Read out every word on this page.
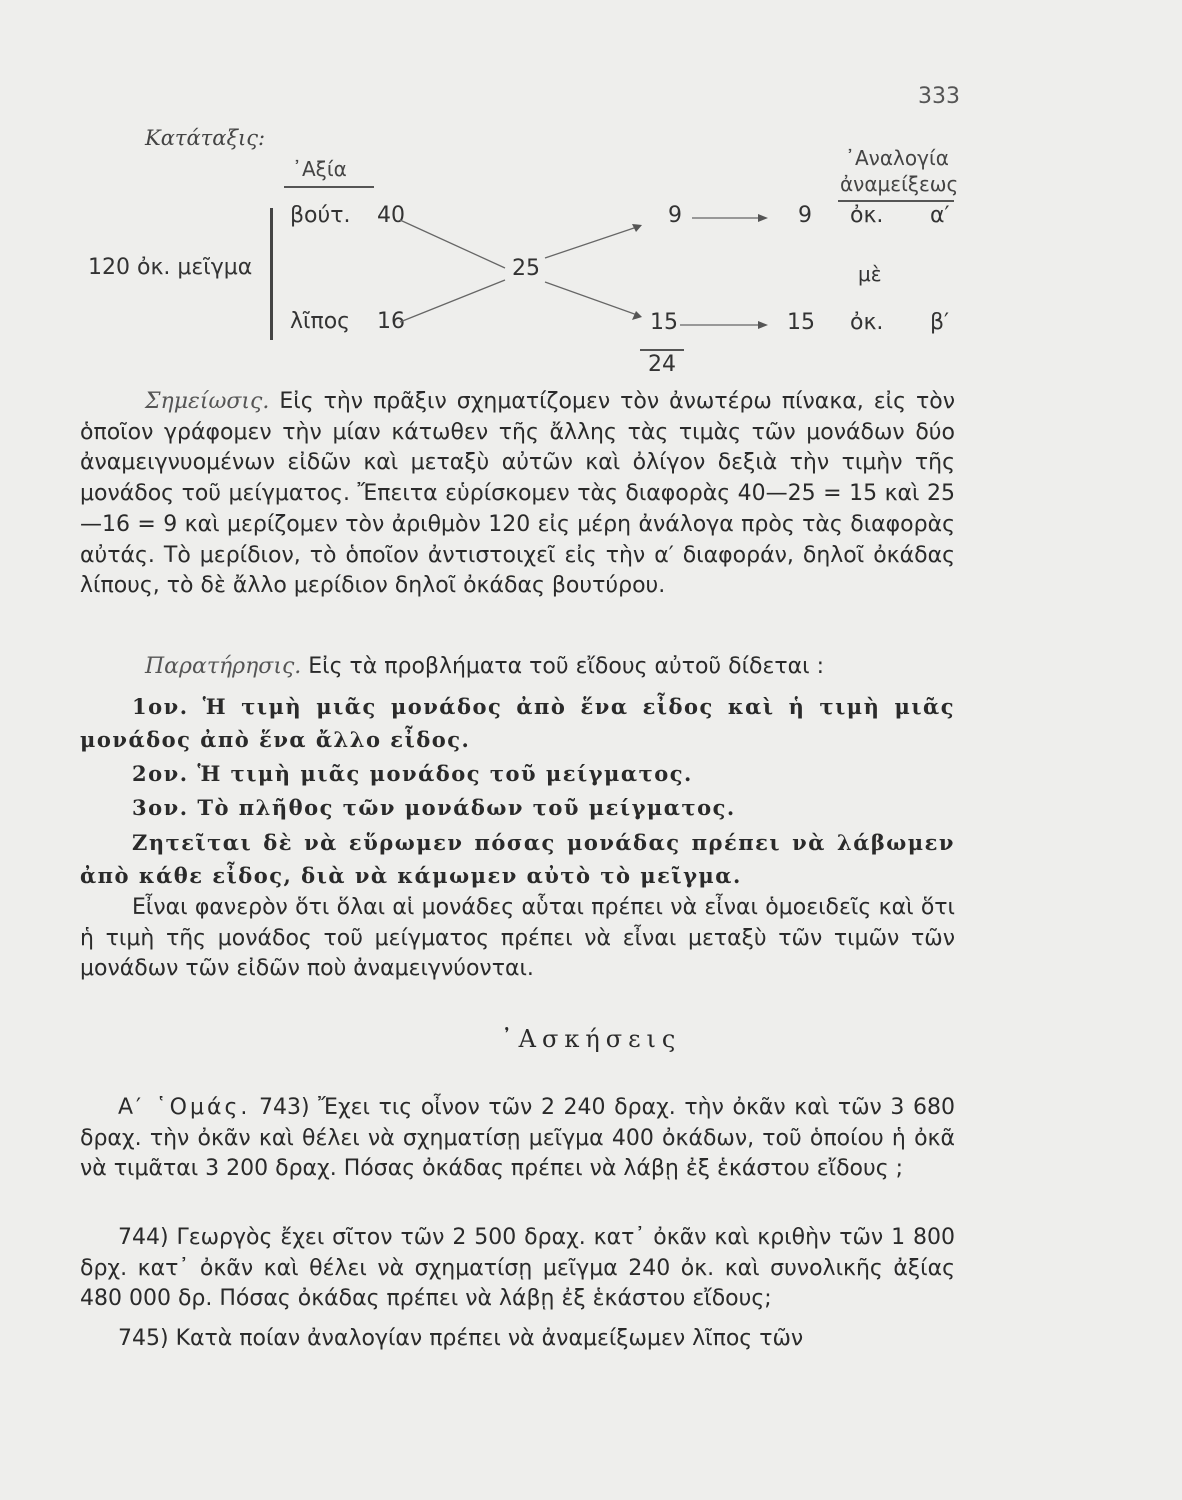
333
Κατάταξις:
᾿Αξία	᾿Αναλογία
ἀναμείξεως
120 ὀκ. μεῖγμα
βούτ. 40
λῖπος 16
25
9	9 ὀκ. α′
μὲ
15	15 ὀκ. β′
24
Σημείωσις. Εἰς τὴν πρᾶξιν σχηματίζομεν τὸν ἀνωτέρω πίνακα, εἰς τὸν ὁποῖον γράφομεν τὴν μίαν κάτωθεν τῆς ἄλλης τὰς τιμὰς τῶν μονάδων δύο ἀναμειγνυομένων εἰδῶν καὶ μεταξὺ αὐτῶν καὶ ὀλίγον δεξιὰ τὴν τιμὴν τῆς μονάδος τοῦ μείγματος. Ἔπειτα εὑρίσκομεν τὰς διαφορὰς 40—25 = 15 καὶ 25—16 = 9 καὶ μερίζομεν τὸν ἀριθμὸν 120 εἰς μέρη ἀνάλογα πρὸς τὰς διαφορὰς αὐτάς. Τὸ μερίδιον, τὸ ὁποῖον ἀντιστοιχεῖ εἰς τὴν α′ διαφοράν, δηλοῖ ὀκάδας λίπους, τὸ δὲ ἄλλο μερίδιον δηλοῖ ὀκάδας βουτύρου.
Παρατήρησις. Εἰς τὰ προβλήματα τοῦ εἴδους αὐτοῦ δίδεται :
1ον. Ἡ τιμὴ μιᾶς μονάδος ἀπὸ ἕνα εἶδος καὶ ἡ τιμὴ μιᾶς μονάδος ἀπὸ ἕνα ἄλλο εἶδος.
2ον. Ἡ τιμὴ μιᾶς μονάδος τοῦ μείγματος.
3ον. Τὸ πλῆθος τῶν μονάδων τοῦ μείγματος.
Ζητεῖται δὲ νὰ εὕρωμεν πόσας μονάδας πρέπει νὰ λάβωμεν ἀπὸ κάθε εἶδος, διὰ νὰ κάμωμεν αὐτὸ τὸ μεῖγμα.
Εἶναι φανερὸν ὅτι ὅλαι αἱ μονάδες αὗται πρέπει νὰ εἶναι ὁμοειδεῖς καὶ ὅτι ἡ τιμὴ τῆς μονάδος τοῦ μείγματος πρέπει νὰ εἶναι μεταξὺ τῶν τιμῶν τῶν μονάδων τῶν εἰδῶν ποὺ ἀναμειγνύονται.
᾿Ασκήσεις
Α′ ῾Ομάς. 743) Ἔχει τις οἶνον τῶν 2 240 δραχ. τὴν ὀκᾶν καὶ τῶν 3 680 δραχ. τὴν ὀκᾶν καὶ θέλει νὰ σχηματίσῃ μεῖγμα 400 ὀκάδων, τοῦ ὁποίου ἡ ὀκᾶ νὰ τιμᾶται 3 200 δραχ. Πόσας ὀκάδας πρέπει νὰ λάβῃ ἐξ ἑκάστου εἴδους ;
744) Γεωργὸς ἔχει σῖτον τῶν 2 500 δραχ. κατ᾿ ὀκᾶν καὶ κριθὴν τῶν 1 800 δρχ. κατ᾿ ὀκᾶν καὶ θέλει νὰ σχηματίσῃ μεῖγμα 240 ὀκ. καὶ συνολικῆς ἀξίας 480 000 δρ. Πόσας ὀκάδας πρέπει νὰ λάβῃ ἐξ ἑκάστου εἴδους;
745) Κατὰ ποίαν ἀναλογίαν πρέπει νὰ ἀναμείξωμεν λῖπος τῶν
